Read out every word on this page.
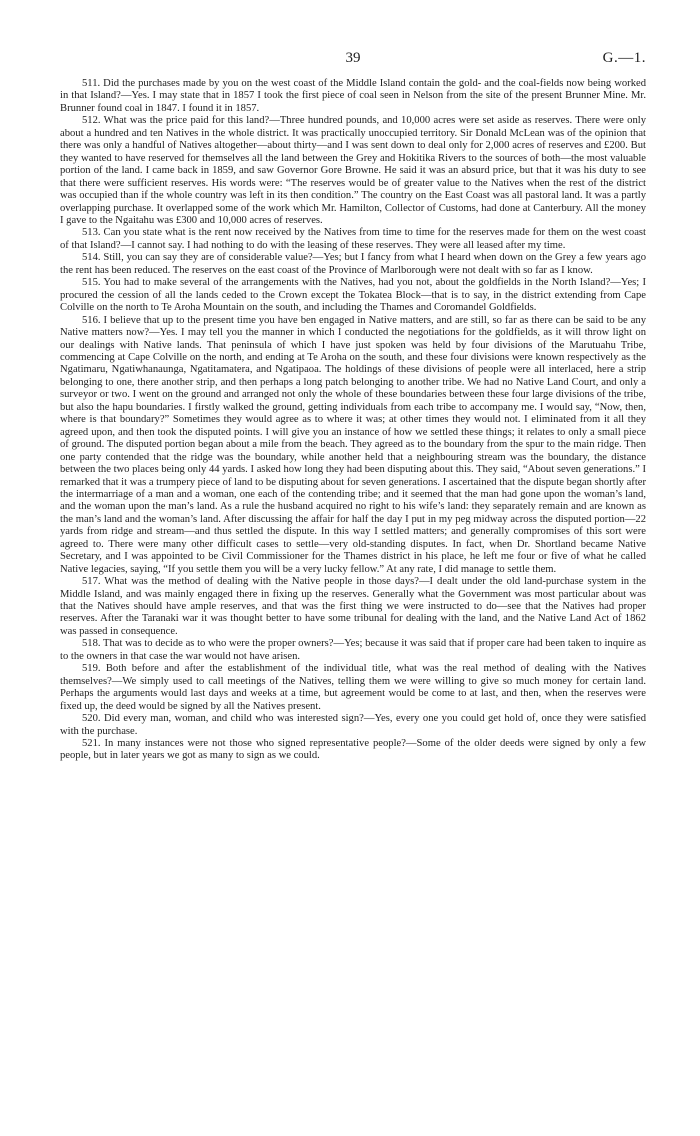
39	G.—1.

511. Did the purchases made by you on the west coast of the Middle Island contain the gold- and the coal-fields now being worked in that Island?—Yes. I may state that in 1857 I took the first piece of coal seen in Nelson from the site of the present Brunner Mine. Mr. Brunner found coal in 1847. I found it in 1857.

512. What was the price paid for this land?—Three hundred pounds, and 10,000 acres were set aside as reserves. There were only about a hundred and ten Natives in the whole district. It was practically unoccupied territory. Sir Donald McLean was of the opinion that there was only a handful of Natives altogether—about thirty—and I was sent down to deal only for 2,000 acres of reserves and £200. But they wanted to have reserved for themselves all the land between the Grey and Hokitika Rivers to the sources of both—the most valuable portion of the land. I came back in 1859, and saw Governor Gore Browne. He said it was an absurd price, but that it was his duty to see that there were sufficient reserves. His words were: “The reserves would be of greater value to the Natives when the rest of the district was occupied than if the whole country was left in its then condition.” The country on the East Coast was all pastoral land. It was a partly overlapping purchase. It overlapped some of the work which Mr. Hamilton, Collector of Customs, had done at Canterbury. All the money I gave to the Ngaitahu was £300 and 10,000 acres of reserves.

513. Can you state what is the rent now received by the Natives from time to time for the reserves made for them on the west coast of that Island?—I cannot say. I had nothing to do with the leasing of these reserves. They were all leased after my time.

514. Still, you can say they are of considerable value?—Yes; but I fancy from what I heard when down on the Grey a few years ago the rent has been reduced. The reserves on the east coast of the Province of Marlborough were not dealt with so far as I know.

515. You had to make several of the arrangements with the Natives, had you not, about the goldfields in the North Island?—Yes; I procured the cession of all the lands ceded to the Crown except the Tokatea Block—that is to say, in the district extending from Cape Colville on the north to Te Aroha Mountain on the south, and including the Thames and Coromandel Goldfields.

516. I believe that up to the present time you have ben engaged in Native matters, and are still, so far as there can be said to be any Native matters now?—Yes. I may tell you the manner in which I conducted the negotiations for the goldfields, as it will throw light on our dealings with Native lands. That peninsula of which I have just spoken was held by four divisions of the Marutuahu Tribe, commencing at Cape Colville on the north, and ending at Te Aroha on the south, and these four divisions were known respectively as the Ngatimaru, Ngatiwhanaunga, Ngatitamatera, and Ngatipaoa. The holdings of these divisions of people were all interlaced, here a strip belonging to one, there another strip, and then perhaps a long patch belonging to another tribe. We had no Native Land Court, and only a surveyor or two. I went on the ground and arranged not only the whole of these boundaries between these four large divisions of the tribe, but also the hapu boundaries. I firstly walked the ground, getting individuals from each tribe to accompany me. I would say, “Now, then, where is that boundary?” Sometimes they would agree as to where it was; at other times they would not. I eliminated from it all they agreed upon, and then took the disputed points. I will give you an instance of how we settled these things; it relates to only a small piece of ground. The disputed portion began about a mile from the beach. They agreed as to the boundary from the spur to the main ridge. Then one party contended that the ridge was the boundary, while another held that a neighbouring stream was the boundary, the distance between the two places being only 44 yards. I asked how long they had been disputing about this. They said, “About seven generations.” I remarked that it was a trumpery piece of land to be disputing about for seven generations. I ascertained that the dispute began shortly after the intermarriage of a man and a woman, one each of the contending tribe; and it seemed that the man had gone upon the woman’s land, and the woman upon the man’s land. As a rule the husband acquired no right to his wife’s land: they separately remain and are known as the man’s land and the woman’s land. After discussing the affair for half the day I put in my peg midway across the disputed portion—22 yards from ridge and stream—and thus settled the dispute. In this way I settled matters; and generally compromises of this sort were agreed to. There were many other difficult cases to settle—very old-standing disputes. In fact, when Dr. Shortland became Native Secretary, and I was appointed to be Civil Commissioner for the Thames district in his place, he left me four or five of what he called Native legacies, saying, “If you settle them you will be a very lucky fellow.” At any rate, I did manage to settle them.

517. What was the method of dealing with the Native people in those days?—I dealt under the old land-purchase system in the Middle Island, and was mainly engaged there in fixing up the reserves. Generally what the Government was most particular about was that the Natives should have ample reserves, and that was the first thing we were instructed to do—see that the Natives had proper reserves. After the Taranaki war it was thought better to have some tribunal for dealing with the land, and the Native Land Act of 1862 was passed in consequence.

518. That was to decide as to who were the proper owners?—Yes; because it was said that if proper care had been taken to inquire as to the owners in that case the war would not have arisen.

519. Both before and after the establishment of the individual title, what was the real method of dealing with the Natives themselves?—We simply used to call meetings of the Natives, telling them we were willing to give so much money for certain land. Perhaps the arguments would last days and weeks at a time, but agreement would be come to at last, and then, when the reserves were fixed up, the deed would be signed by all the Natives present.

520. Did every man, woman, and child who was interested sign?—Yes, every one you could get hold of, once they were satisfied with the purchase.

521. In many instances were not those who signed representative people?—Some of the older deeds were signed by only a few people, but in later years we got as many to sign as we could.
